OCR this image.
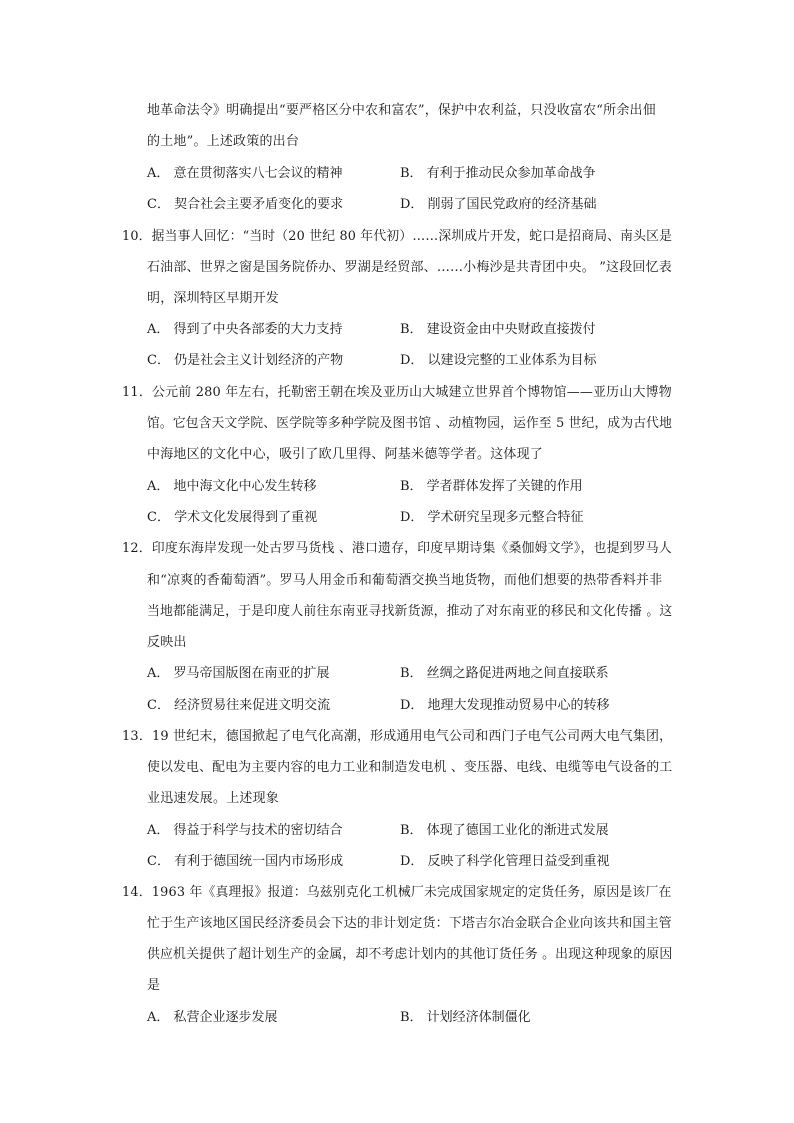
地革命法令》明确提出“要严格区分中农和富农”，保护中农利益，只没收富农“所余出佃
的土地”。上述政策的出台
A． 意在贯彻落实八七会议的精神	B． 有利于推动民众参加革命战争
C． 契合社会主要矛盾变化的要求	D． 削弱了国民党政府的经济基础
10．据当事人回忆：“当时（20 世纪 80 年代初）……深圳成片开发，蛇口是招商局、南头区是
石油部、世界之窗是国务院侨办、罗湖是经贸部、……小梅沙是共青团中央。 ”这段回忆表
明，深圳特区早期开发
A． 得到了中央各部委的大力支持	B． 建设资金由中央财政直接拨付
C． 仍是社会主义计划经济的产物	D． 以建设完整的工业体系为目标
11．公元前 280 年左右，托勒密王朝在埃及亚历山大城建立世界首个博物馆——亚历山大博物
馆。它包含天文学院、医学院等多种学院及图书馆 、动植物园，运作至 5 世纪，成为古代地
中海地区的文化中心，吸引了欧几里得、阿基米德等学者。这体现了
A． 地中海文化中心发生转移	B． 学者群体发挥了关键的作用
C． 学术文化发展得到了重视	D． 学术研究呈现多元整合特征
12．印度东海岸发现一处古罗马货栈 、港口遗存，印度早期诗集《桑伽姆文学》，也提到罗马人
和“凉爽的香葡萄酒”。罗马人用金币和葡萄酒交换当地货物，而他们想要的热带香料并非
当地都能满足，于是印度人前往东南亚寻找新货源，推动了对东南亚的移民和文化传播 。这
反映出
A． 罗马帝国版图在南亚的扩展	B． 丝绸之路促进两地之间直接联系
C． 经济贸易往来促进文明交流	D． 地理大发现推动贸易中心的转移
13．19 世纪末，德国掀起了电气化高潮，形成通用电气公司和西门子电气公司两大电气集团，
使以发电、配电为主要内容的电力工业和制造发电机 、变压器、电线、电缆等电气设备的工
业迅速发展。上述现象
A． 得益于科学与技术的密切结合	B． 体现了德国工业化的渐进式发展
C． 有利于德国统一国内市场形成	D． 反映了科学化管理日益受到重视
14．1963 年《真理报》报道：乌兹别克化工机械厂未完成国家规定的定货任务，原因是该厂在
忙于生产该地区国民经济委员会下达的非计划定货：下塔吉尔冶金联合企业向该共和国主管
供应机关提供了超计划生产的金属，却不考虑计划内的其他订货任务 。出现这种现象的原因
是
A． 私营企业逐步发展	B． 计划经济体制僵化
